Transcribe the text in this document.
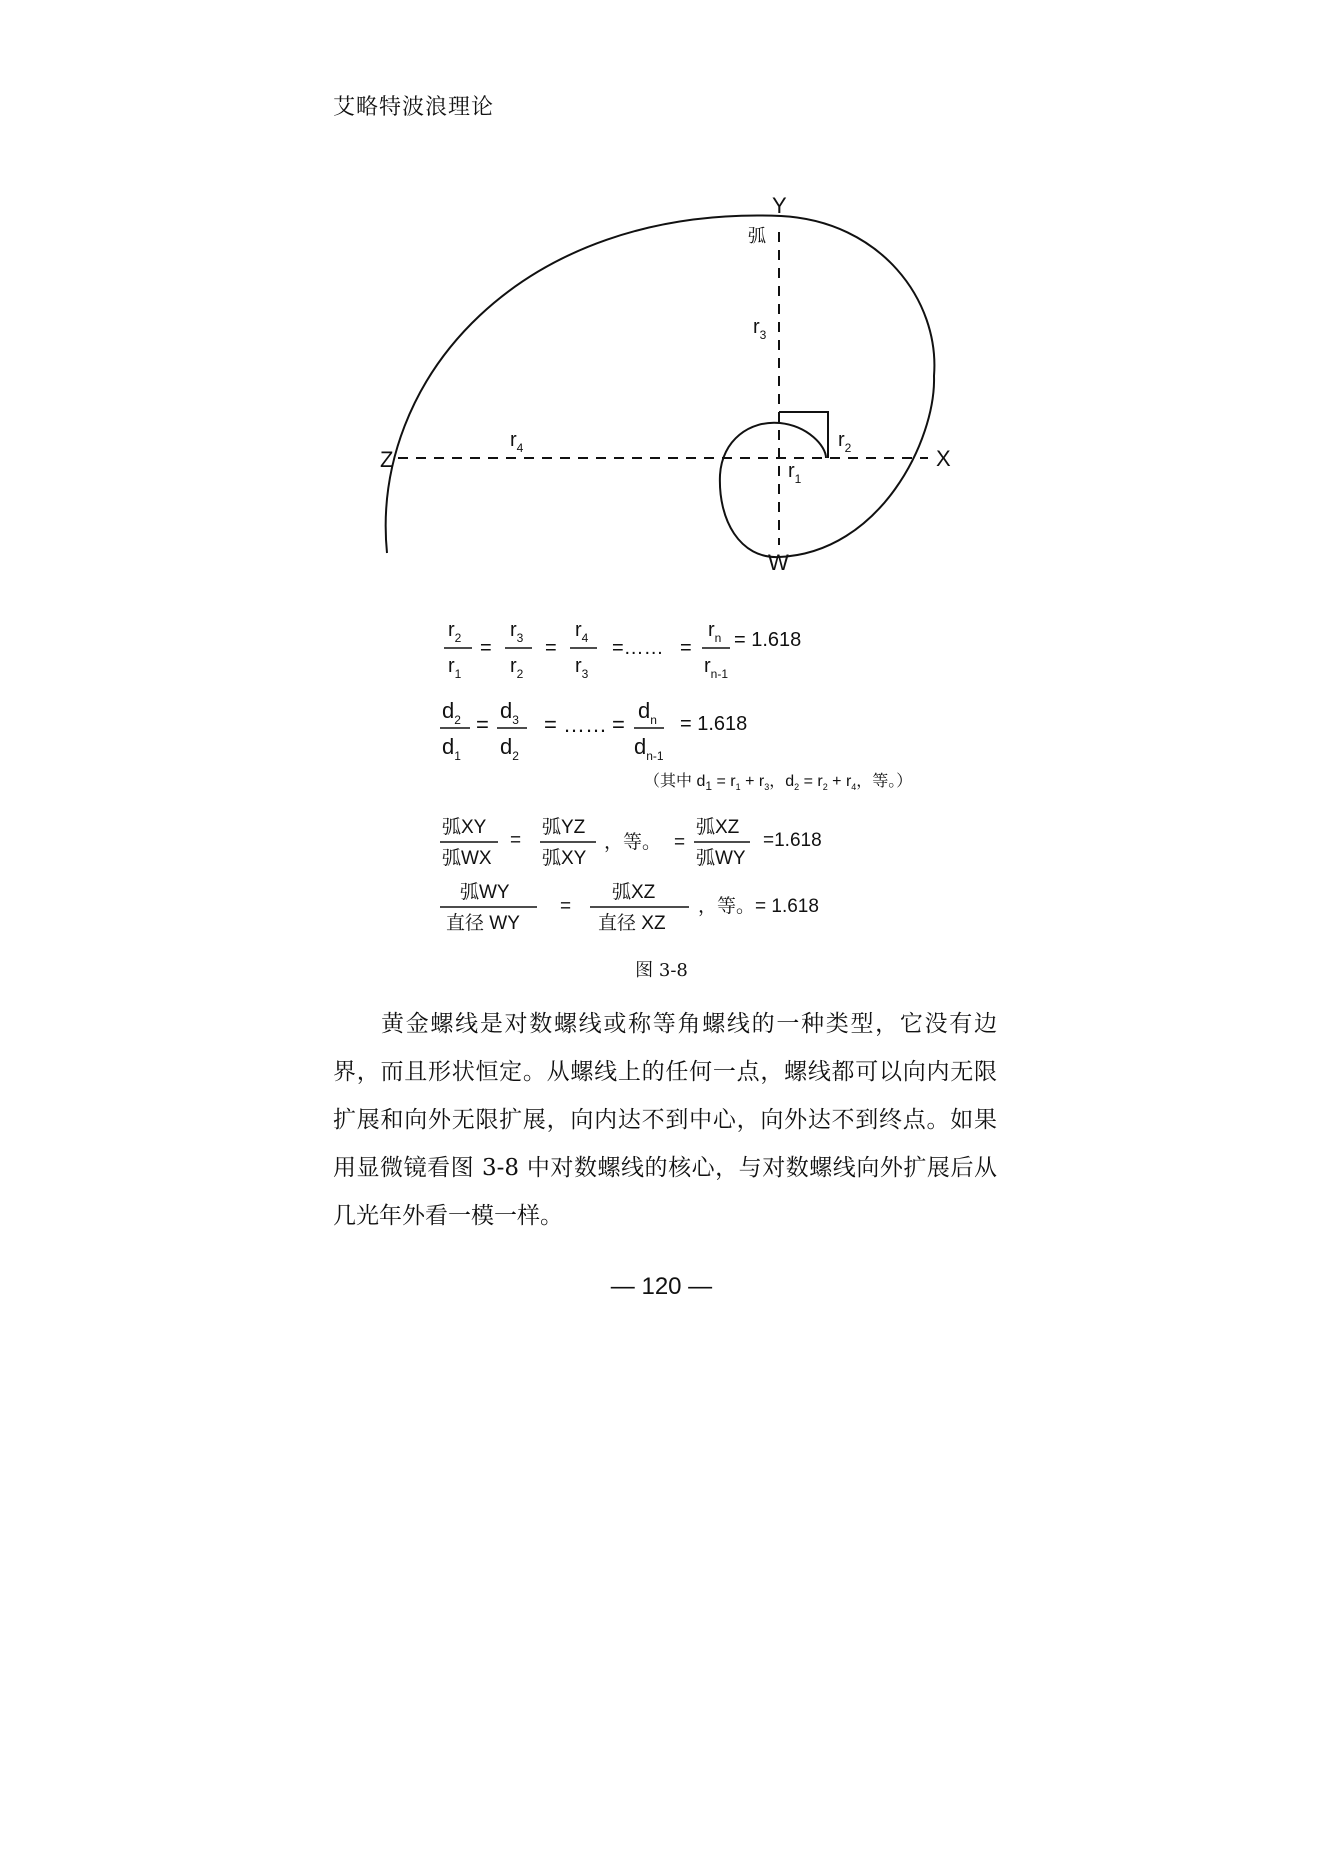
艾略特波浪理论
Y
弧
X
Z
W
$r_3$
$r_4$	$r_2$
$r_1$
$r_2$
$r_1$
=
$r_3$
$r_2$
=
$r_4$
$r_3$
=……
$r_n$
$r_{n-1}$
= = 1.618
$d_2$
$d_1$
=
$d_3$
$d_2$
= …… =
$d_n$
$d_{n-1}$
= 1.618
（其中 $d_1 = r_1 + r_3$，$d_2 = r_2 + r_4$，等。）
弧XY
弧WX
=
弧YZ
弧XY
，等。 =
弧XZ
弧WY
=1.618
弧WY
直径 WY
=
弧XZ
直径 XZ
，等。= 1.618
图 3-8

黄金螺线是对数螺线或称等角螺线的一种类型，它没有边界，而且形状恒定。从螺线上的任何一点，螺线都可以向内无限扩展和向外无限扩展，向内达不到中心，向外达不到终点。如果用显微镜看图 3-8 中对数螺线的核心，与对数螺线向外扩展后从几光年外看一模一样。

— 120 —
